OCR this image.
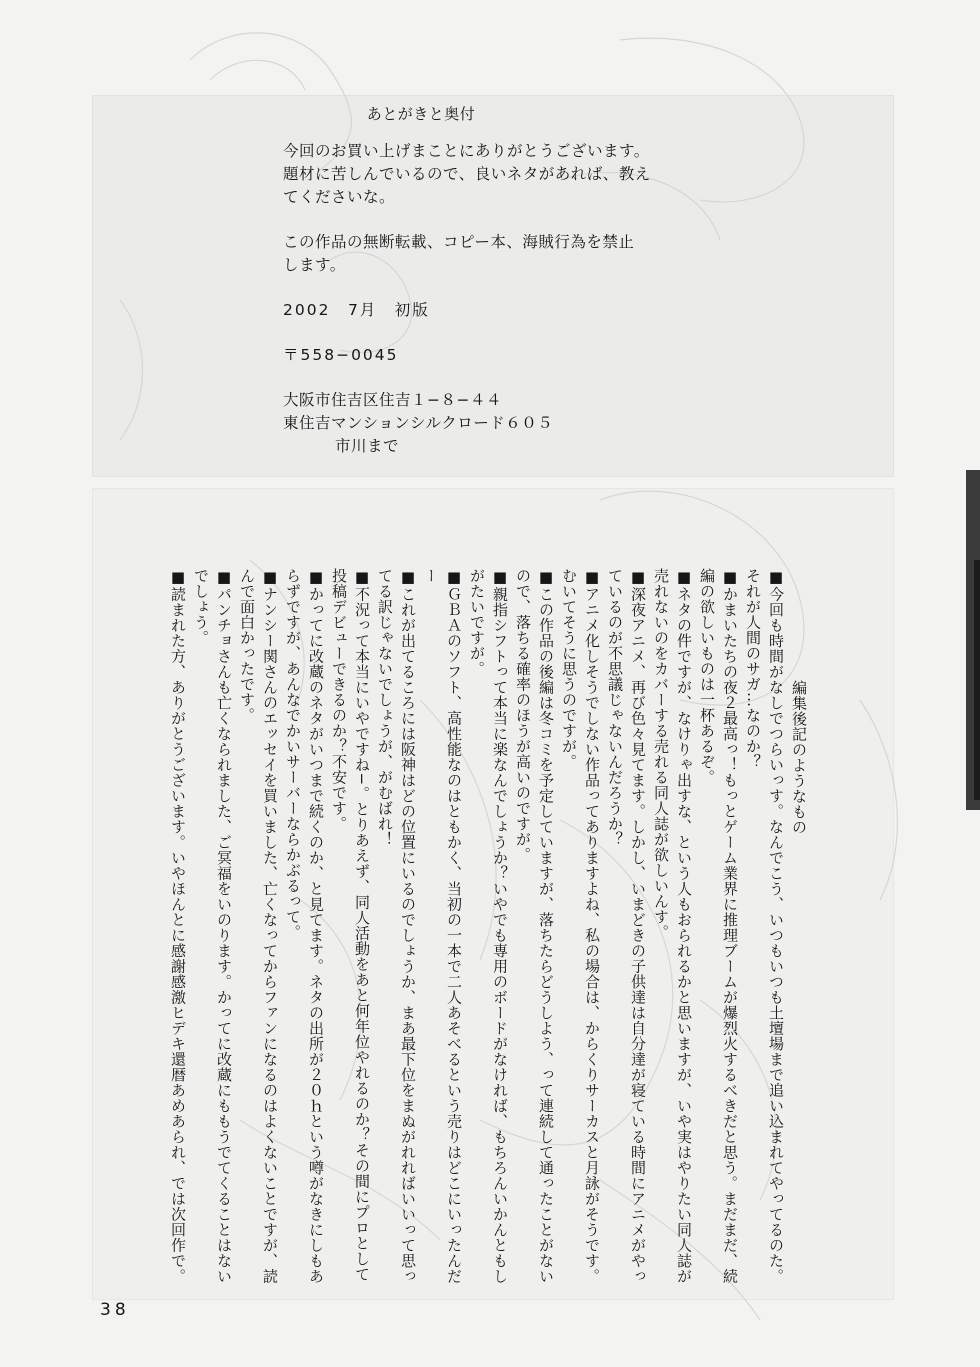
あとがきと奥付

今回のお買い上げまことにありがとうございます。

題材に苦しんでいるので、良いネタがあれば、教え

てくださいな。

この作品の無断転載、コピー本、海賊行為を禁止

します。

2002　7月　初版

〒558−0045

大阪市住吉区住吉１−８−４４

東住吉マンションシルクロード６０５

市川まで

編集後記のようなもの

■今回も時間がなしでつらいっす。なんでこう、いつもいつも土壇場まで追い込まれてやってるのた。それが人間のサガ…なのか？

■かまいたちの夜２最高っ！もっとゲーム業界に推理ブームが爆烈火するべきだと思う。まだまだ、続編の欲しいものは一杯あるぞ。

■ネタの件ですが、なけりゃ出すな、という人もおられるかと思いますが、いや実はやりたい同人誌が売れないのをカバーする売れる同人誌が欲しいんす。

■深夜アニメ、再び色々見てます。しかし、いまどきの子供達は自分達が寝ている時間にアニメがやっているのが不思議じゃないんだろうか？

■アニメ化しそうでしない作品ってありますよね、私の場合は、からくりサーカスと月詠がそうです。むいてそうに思うのですが。

■この作品の後編は冬コミを予定していますが、落ちたらどうしよう、って連続して通ったことがないので、落ちる確率のほうが高いのですが。

■親指シフトって本当に楽なんでしょうか？いやでも専用のボードがなければ、もちろんいかんともしがたいですが。

■ＧＢＡのソフト、高性能なのはともかく、当初の一本で二人あそべるという売りはどこにいったんだー

■これが出てるころには阪神はどの位置にいるのでしょうか、まあ最下位をまぬがれればいいって思ってる訳じゃないでしょうが、がむばれ！

■不況って本当にいやですね−。とりあえず、同人活動をあと何年位やれるのか？その間にプロとして投稿デビューできるのか？不安です。

■かってに改蔵のネタがいつまで続くのか、と見てます。ネタの出所が２０ｈという噂がなきにしもあらずですが、あんなでかいサーバーならかぶるって。

■ナンシー関さんのエッセイを買いました、亡くなってからファンになるのはよくないことですが、読んで面白かったです。

■パンチョさんも亡くなられました、ご冥福をいのります。かってに改蔵にももうでてくることはないでしょう。

■読まれた方、ありがとうございます。いやほんとに感謝感激ヒデキ還暦あめあられ、では次回作で。

38
